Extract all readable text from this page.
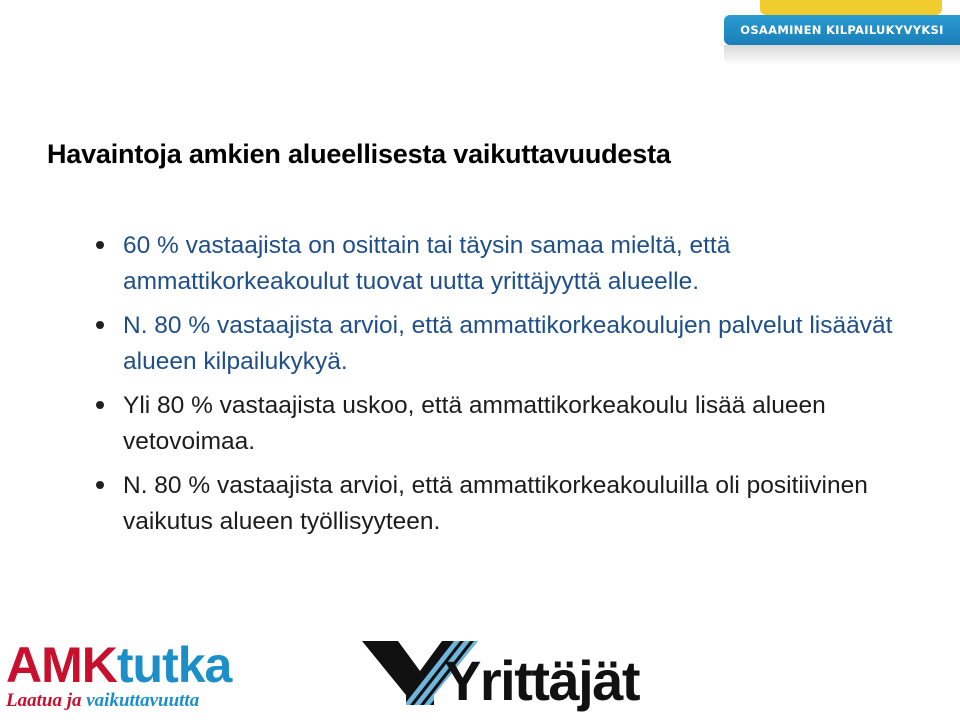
OSAAMINEN KILPAILUKYVYKSI
Havaintoja amkien alueellisesta vaikuttavuudesta
60 % vastaajista on osittain tai täysin samaa mieltä, että ammattikorkeakoulut tuovat uutta yrittäjyyttä alueelle.
N. 80 % vastaajista arvioi, että ammattikorkeakoulujen palvelut lisäävät alueen kilpailukykyä.
Yli 80 % vastaajista uskoo, että ammattikorkeakoulu lisää alueen vetovoimaa.
N. 80 % vastaajista arvioi, että ammattikorkeakouluilla oli positiivinen vaikutus alueen työllisyyteen.

AMKtutka

Laatua ja vaikuttavuutta	Yrittäjät
